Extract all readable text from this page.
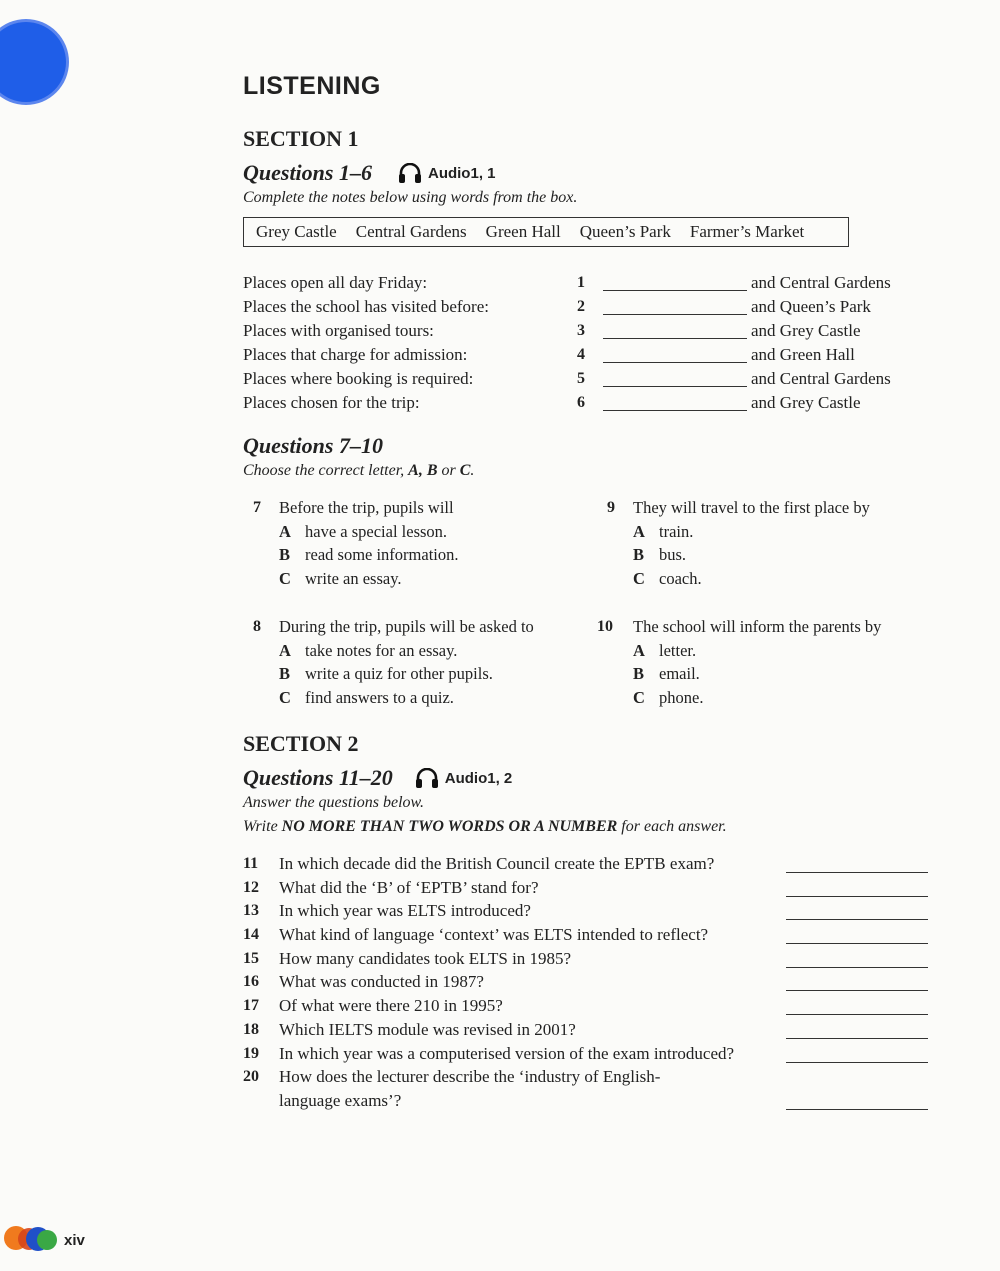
LISTENING
SECTION 1
Questions 1–6	Audio1, 1
Complete the notes below using words from the box.
Grey Castle Central Gardens Green Hall Queen’s Park Farmer’s Market
Places open all day Friday:	1	and Central Gardens
Places the school has visited before:	2	and Queen’s Park
Places with organised tours:	3	and Grey Castle
Places that charge for admission:	4	and Green Hall
Places where booking is required:	5	and Central Gardens
Places chosen for the trip:	6	and Grey Castle
Questions 7–10
Choose the correct letter, A, B or C.
7 Before the trip, pupils will
A have a special lesson.
B read some information.
C write an essay.
9 They will travel to the first place by
A train.
B bus.
C coach.
8 During the trip, pupils will be asked to
A take notes for an essay.
B write a quiz for other pupils.
C find answers to a quiz.
10 The school will inform the parents by
A letter.
B email.
C phone.
SECTION 2
Questions 11–20	Audio1, 2
Answer the questions below.
Write NO MORE THAN TWO WORDS OR A NUMBER for each answer.
11 In which decade did the British Council create the EPTB exam?
12 What did the ‘B’ of ‘EPTB’ stand for?
13 In which year was ELTS introduced?
14 What kind of language ‘context’ was ELTS intended to reflect?
15 How many candidates took ELTS in 1985?
16 What was conducted in 1987?
17 Of what were there 210 in 1995?
18 Which IELTS module was revised in 2001?
19 In which year was a computerised version of the exam introduced?
20 How does the lecturer describe the ‘industry of English-
language exams’?
xiv
